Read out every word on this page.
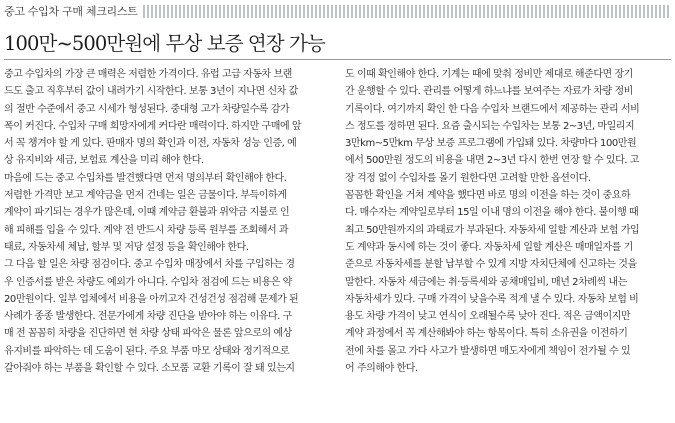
중고 수입차 구매 체크리스트
100만~500만원에 무상 보증 연장 가능
중고 수입차의 가장 큰 매력은 저렴한 가격이다. 유럽 고급 자동차 브랜
드도 출고 직후부터 값이 내려가기 시작한다. 보통 3년이 지나면 신차 값
의 절반 수준에서 중고 시세가 형성된다. 중대형 고가 차량일수록 감가
폭이 커진다. 수입차 구매 희망자에게 커다란 매력이다. 하지만 구매에 앞
서 꼭 챙겨야 할 게 있다. 판매자 명의 확인과 이전, 자동차 성능 인증, 예
상 유지비와 세금, 보험료 계산을 미리 해야 한다.
마음에 드는 중고 수입차를 발견했다면 먼저 명의부터 확인해야 한다.
저렴한 가격만 보고 계약금을 먼저 건네는 일은 금물이다. 부득이하게
계약이 파기되는 경우가 많은데, 이때 계약금 환불과 위약금 지불로 인
해 피해를 입을 수 있다. 계약 전 반드시 차량 등록 원부를 조회해서 과
태료, 자동차세 체납, 할부 및 저당 설정 등을 확인해야 한다.
그 다음 할 일은 차량 점검이다. 중고 수입차 매장에서 차를 구입하는 경
우 인증서를 받은 차량도 예외가 아니다. 수입차 점검에 드는 비용은 약
20만원이다. 일부 업체에서 비용을 아끼고자 건성건성 점검해 문제가 된
사례가 종종 발생한다. 전문가에게 차량 진단을 받아야 하는 이유다. 구
매 전 꼼꼼히 차량을 진단하면 현 차량 상태 파악은 물론 앞으로의 예상
유지비를 파악하는 데 도움이 된다. 주요 부품 마모 상태와 정기적으로
갈아줘야 하는 부품을 확인할 수 있다. 소모품 교환 기록이 잘 돼 있는지
도 이때 확인해야 한다. 기계는 때에 맞춰 정비만 제대로 해준다면 장기
간 운행할 수 있다. 관리를 어떻게 하느냐를 보여주는 자료가 차량 정비
기록이다. 여기까지 확인 한 다음 수입차 브랜드에서 제공하는 관리 서비
스 정도를 정하면 된다. 요즘 출시되는 수입차는 보통 2~3년, 마일리지
3만km~5만km 무상 보증 프로그램에 가입돼 있다. 차량마다 100만원
에서 500만원 정도의 비용을 내면 2~3년 다시 한번 연장 할 수 있다. 고
장 걱정 없이 수입차를 몰기 원한다면 고려할 만한 옵션이다.
꼼꼼한 확인을 거쳐 계약을 했다면 바로 명의 이전을 하는 것이 중요하
다. 매수자는 계약일로부터 15일 이내 명의 이전을 해야 한다. 불이행 때
최고 50만원까지의 과태료가 부과된다. 자동차세 일할 계산과 보험 가입
도 계약과 동시에 하는 것이 좋다. 자동차세 일할 계산은 매매일자를 기
준으로 자동차세를 분할 납부할 수 있게 지방 자치단체에 신고하는 것을
말한다. 자동차 세금에는 취·등록세와 공채매입비, 매년 2차례씩 내는
자동차세가 있다. 구매 가격이 낮을수록 적게 낼 수 있다. 자동차 보험 비
용도 차량 가격이 낮고 연식이 오래될수록 낮아 진다. 적은 금액이지만
계약 과정에서 꼭 계산해봐야 하는 항목이다. 특히 소유권을 이전하기
전에 차를 몰고 가다 사고가 발생하면 매도자에게 책임이 전가될 수 있
어 주의해야 한다.
